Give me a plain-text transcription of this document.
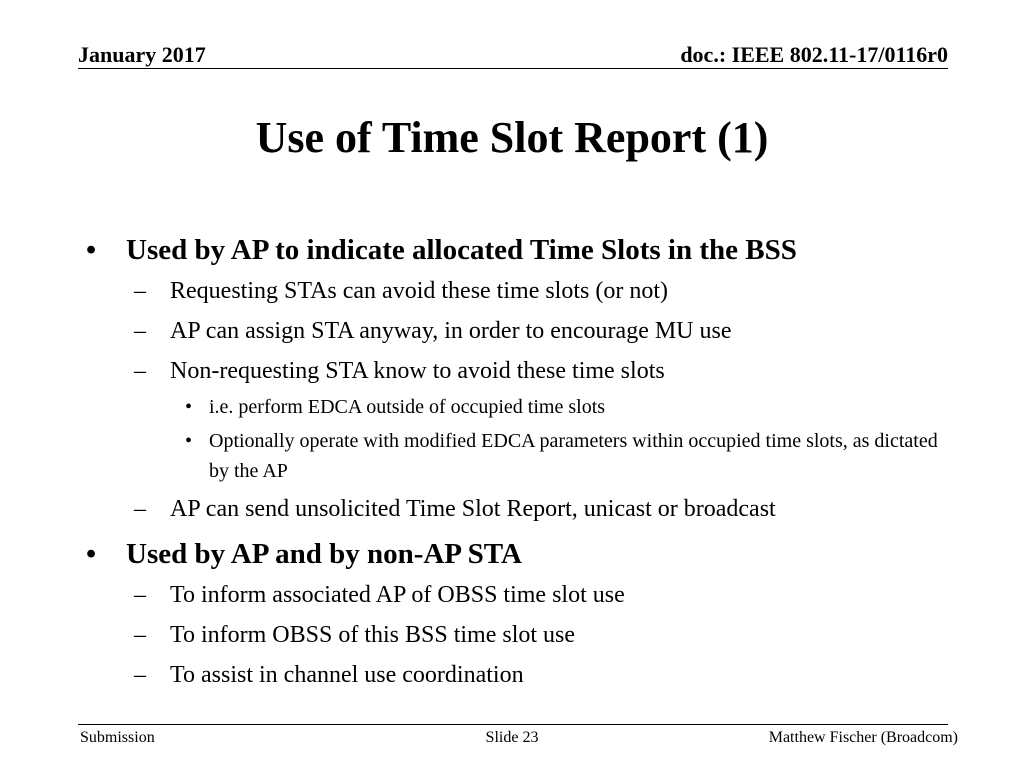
January 2017	doc.: IEEE 802.11-17/0116r0
Use of Time Slot Report (1)
• Used by AP to indicate allocated Time Slots in the BSS
– Requesting STAs can avoid these time slots (or not)
– AP can assign STA anyway, in order to encourage MU use
– Non-requesting STA know to avoid these time slots
• i.e. perform EDCA outside of occupied time slots
• Optionally operate with modified EDCA parameters within occupied time slots, as dictated by the AP
– AP can send unsolicited Time Slot Report, unicast or broadcast
• Used by AP and by non-AP STA
– To inform associated AP of OBSS time slot use
– To inform OBSS of this BSS time slot use
– To assist in channel use coordination
Submission	Slide 23	Matthew Fischer (Broadcom)
